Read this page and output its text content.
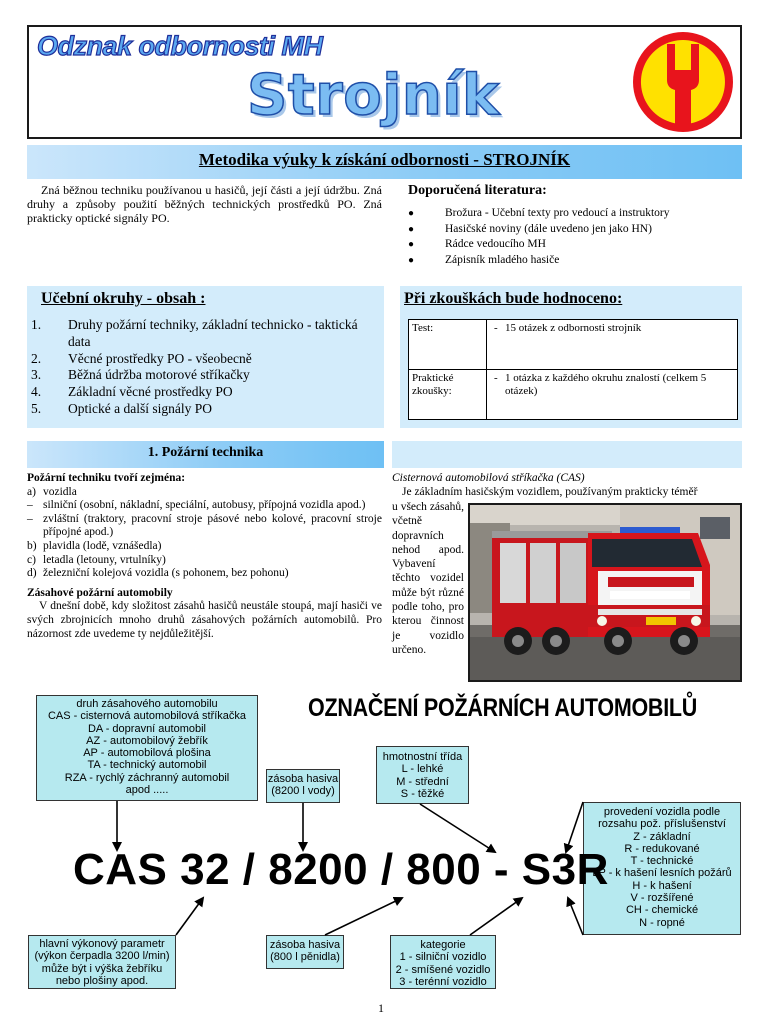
Odznak odbornosti MH
Strojník
Metodika výuky k získání odbornosti - STROJNÍK
Zná běžnou techniku používanou u hasičů, její části a její údržbu. Zná druhy a způsoby použití běžných technických prostředků PO. Zná prakticky optické signály PO.
Doporučená literatura:
●	Brožura - Učební texty pro vedoucí a instruktory
●	Hasičské noviny (dále uvedeno jen jako HN)
●	Rádce vedoucího MH
●	Zápisník mladého hasiče
Učební okruhy - obsah :
1. Druhy požární techniky, základní technicko - taktická data
2. Věcné prostředky PO - všeobecně
3. Běžná údržba motorové stříkačky
4. Základní věcné prostředky PO
5. Optické a další signály PO
Při zkouškách bude hodnoceno:
Test:	- 15 otázek z odbornosti strojník
Praktické zkoušky:	- 1 otázka z každého okruhu znalostí (celkem 5 otázek)
1. Požární technika
Požární techniku tvoří zejména:
a) vozidla
– silniční (osobní, nákladní, speciální, autobusy, přípojná vozidla apod.)
– zvláštní (traktory, pracovní stroje pásové nebo kolové, pracovní stroje přípojné apod.)
b) plavidla (lodě, vznášedla)
c) letadla (letouny, vrtulníky)
d) železniční kolejová vozidla (s pohonem, bez pohonu)
Zásahové požární automobily
V dnešní době, kdy složitost zásahů hasičů neustále stoupá, mají hasiči ve svých zbrojnicích mnoho druhů zásahových požárních automobilů. Pro názornost zde uvedeme ty nejdůležitější.
Cisternová automobilová stříkačka (CAS)
Je základním hasičským vozidlem, používaným prakticky téměř
u všech zásahů, včetně dopravních nehod apod. Vybavení těchto vozidel může být různé podle toho, pro kterou činnost je vozidlo určeno.
OZNAČENÍ POŽÁRNÍCH AUTOMOBILŮ
druh zásahového automobilu
CAS - cisternová automobilová stříkačka
DA - dopravní automobil
AZ - automobilový žebřík
AP - automobilová plošina
TA - technický automobil
RZA - rychlý záchranný automobil
apod .....
zásoba hasiva
(8200 l vody)
hmotnostní třída
L - lehké
M - střední
S - těžké
provedení vozidla podle
rozsahu pož. příslušenství
Z - základní
R - redukované
T - technické
LP - k hašení lesních požárů
H - k hašení
V - rozšířené
CH - chemické
N - ropné
CAS 32 / 8200 / 800 - S3R
hlavní výkonový parametr
(výkon čerpadla 3200 l/min)
může být i výška žebříku
nebo plošiny apod.
zásoba hasiva
(800 l pěnidla)
kategorie
1 - silniční vozidlo
2 - smíšené vozidlo
3 - terénní vozidlo
1
